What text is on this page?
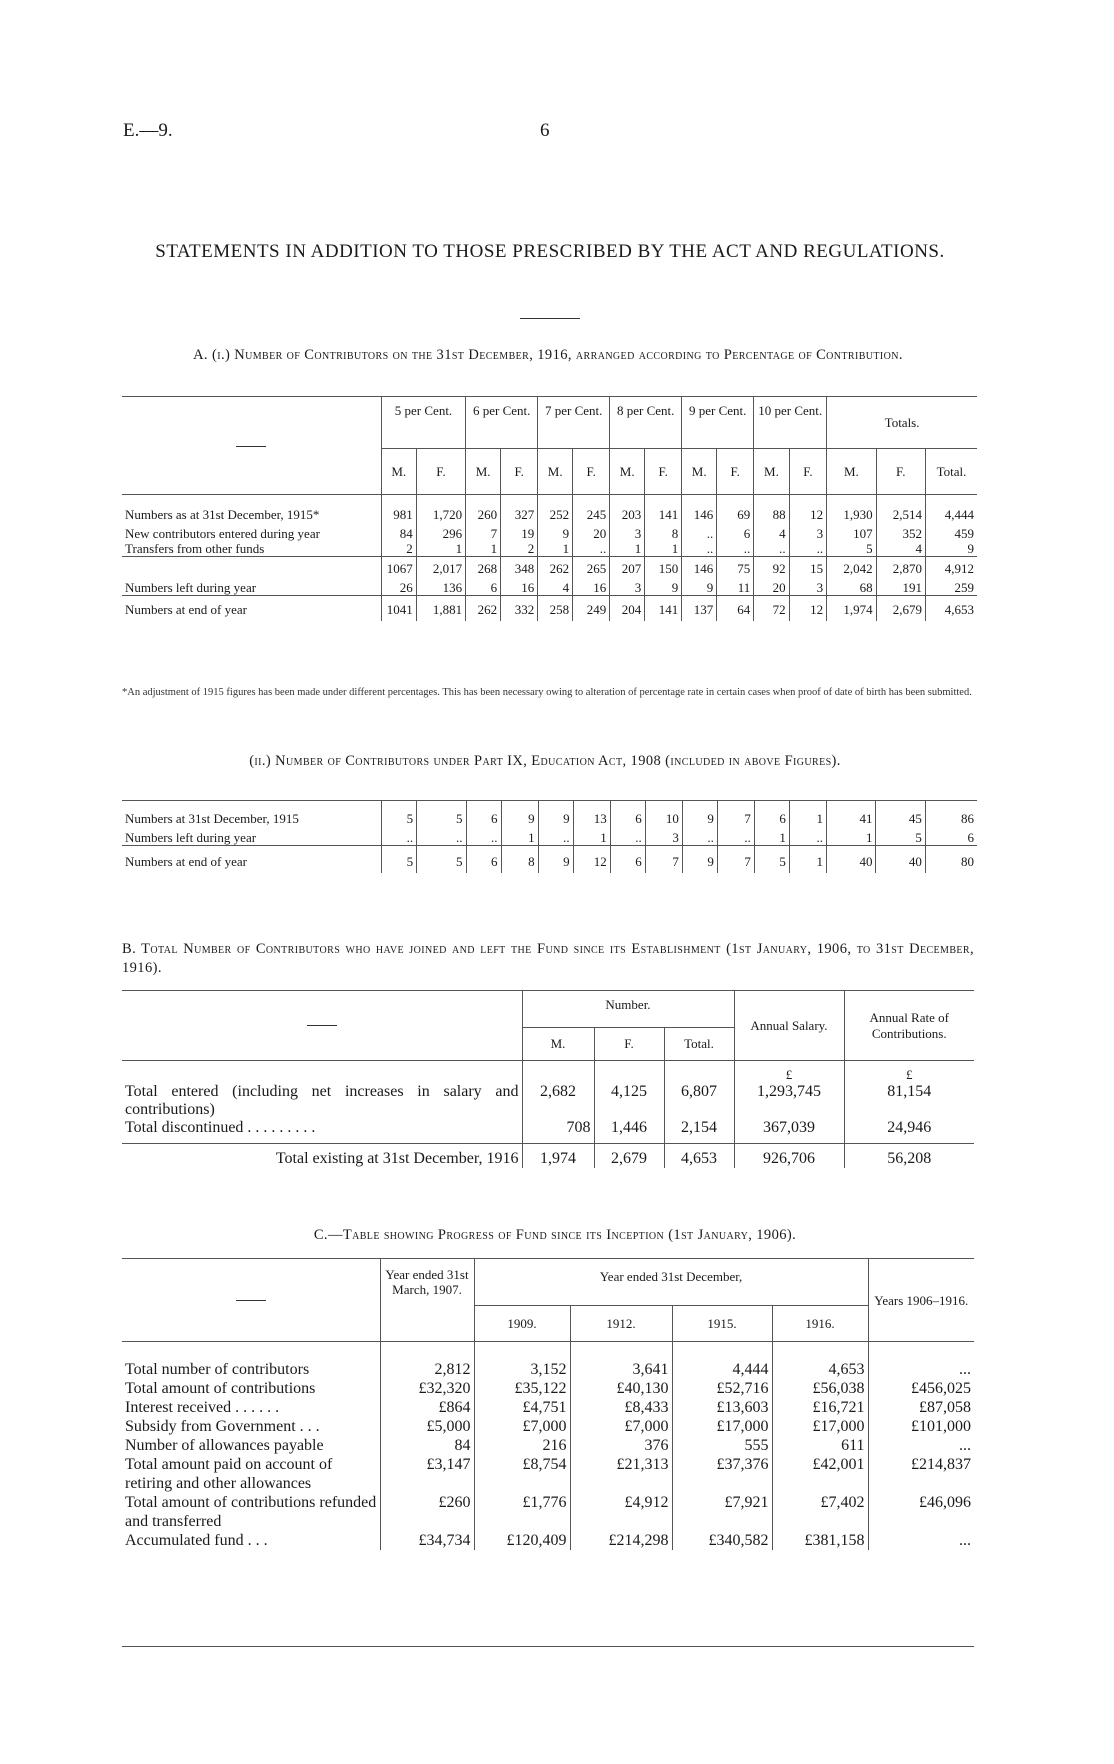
E.—9.	6
STATEMENTS IN ADDITION TO THOSE PRESCRIBED BY THE ACT AND REGULATIONS.
A. (i.) Number of Contributors on the 31st December, 1916, arranged according to Percentage of Contribution.
	5 per Cent.		6 per Cent.		7 per Cent.		8 per Cent.		9 per Cent.		10 per Cent.		Totals.		
	M.	F.	M.	F.	M.	F.	M.	F.	M.	F.	M.	F.	M.	F.	Total.
Numbers as at 31st December, 1915*	981	1,720	260	327	252	245	203	141	146	69	88	12	1,930	2,514	4,444
New contributors entered during year	84	296	7	19	9	20	3	8	..	6	4	3	107	352	459
Transfers from other funds	2	1	1	2	1	..	1	1	..	..	..	..	5	4	9
	1067	2,017	268	348	262	265	207	150	146	75	92	15	2,042	2,870	4,912
Numbers left during year	26	136	6	16	4	16	3	9	9	11	20	3	68	191	259
Numbers at end of year	1041	1,881	262	332	258	249	204	141	137	64	72	12	1,974	2,679	4,653
*An adjustment of 1915 figures has been made under different percentages. This has been necessary owing to alteration of percentage rate in certain cases when proof of date of birth has been submitted.
(ii.) Number of Contributors under Part IX, Education Act, 1908 (included in above Figures).
Numbers at 31st December, 1915	5	5	6	9	9	13	6	10	9	7	6	1	41	45	86
Numbers left during year	..	..	..	1	..	1	..	3	..	..	1	..	1	5	6
Numbers at end of year	5	5	6	8	9	12	6	7	9	7	5	1	40	40	80
B. Total Number of Contributors who have joined and left the Fund since its Establishment (1st January, 1906, to 31st December, 1916).
	Number.			Annual Salary.	Annual Rate of Contributions.
	M.	F.	Total.		
				£	£
Total entered (including net increases in salary and contributions)	2,682	4,125	6,807	1,293,745	81,154
Total discontinued . . . . . . . . .	708	1,446	2,154	367,039	24,946
Total existing at 31st December, 1916	1,974	2,679	4,653	926,706	56,208
C.—Table showing Progress of Fund since its Inception (1st January, 1906).
	Year ended 31st March, 1907.	Year ended 31st December,				Years 1906–1916.
		1909.	1912.	1915.	1916.	

Total number of contributors	2,812	3,152	3,641	4,444	4,653	...
Total amount of contributions	£32,320	£35,122	£40,130	£52,716	£56,038	£456,025
Interest received . . . . . .	£864	£4,751	£8,433	£13,603	£16,721	£87,058
Subsidy from Government . . .	£5,000	£7,000	£7,000	£17,000	£17,000	£101,000
Number of allowances payable	84	216	376	555	611	...
Total amount paid on account of retiring and other allowances	£3,147	£8,754	£21,313	£37,376	£42,001	£214,837
Total amount of contributions refunded and transferred	£260	£1,776	£4,912	£7,921	£7,402	£46,096
Accumulated fund . . .	£34,734	£120,409	£214,298	£340,582	£381,158	...
